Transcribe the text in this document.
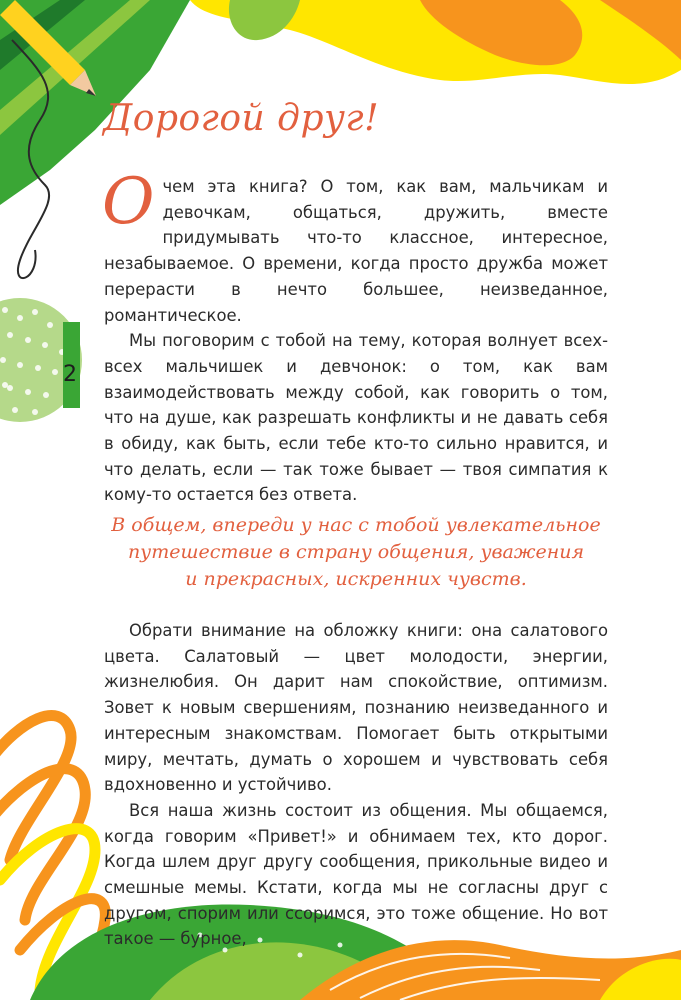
2
Дорогой друг!
О чем эта книга? О том, как вам, мальчикам и девочкам, общаться, дружить, вместе придумывать что-то классное, интересное, незабываемое. О времени, когда просто дружба может перерасти в нечто большее, неизведанное, романтическое.

Мы поговорим с тобой на тему, которая волнует всех-всех мальчишек и девчонок: о том, как вам взаимодействовать между собой, как говорить о том, что на душе, как разрешать конфликты и не давать себя в обиду, как быть, если тебе кто-то сильно нравится, и что делать, если — так тоже бывает — твоя симпатия к кому-то остается без ответа.

В общем, впереди у нас с тобой увлекательное
путешествие в страну общения, уважения
и прекрасных, искренних чувств.

Обрати внимание на обложку книги: она салатового цвета. Салатовый — цвет молодости, энергии, жизнелюбия. Он дарит нам спокойствие, оптимизм. Зовет к новым свершениям, познанию неизведанного и интересным знакомствам. Помогает быть открытыми миру, мечтать, думать о хорошем и чувствовать себя вдохновенно и устойчиво.

Вся наша жизнь состоит из общения. Мы общаемся, когда говорим «Привет!» и обнимаем тех, кто дорог. Когда шлем друг другу сообщения, прикольные видео и смешные мемы. Кстати, когда мы не согласны друг с другом, спорим или ссоримся, это тоже общение. Но вот такое — бурное,
